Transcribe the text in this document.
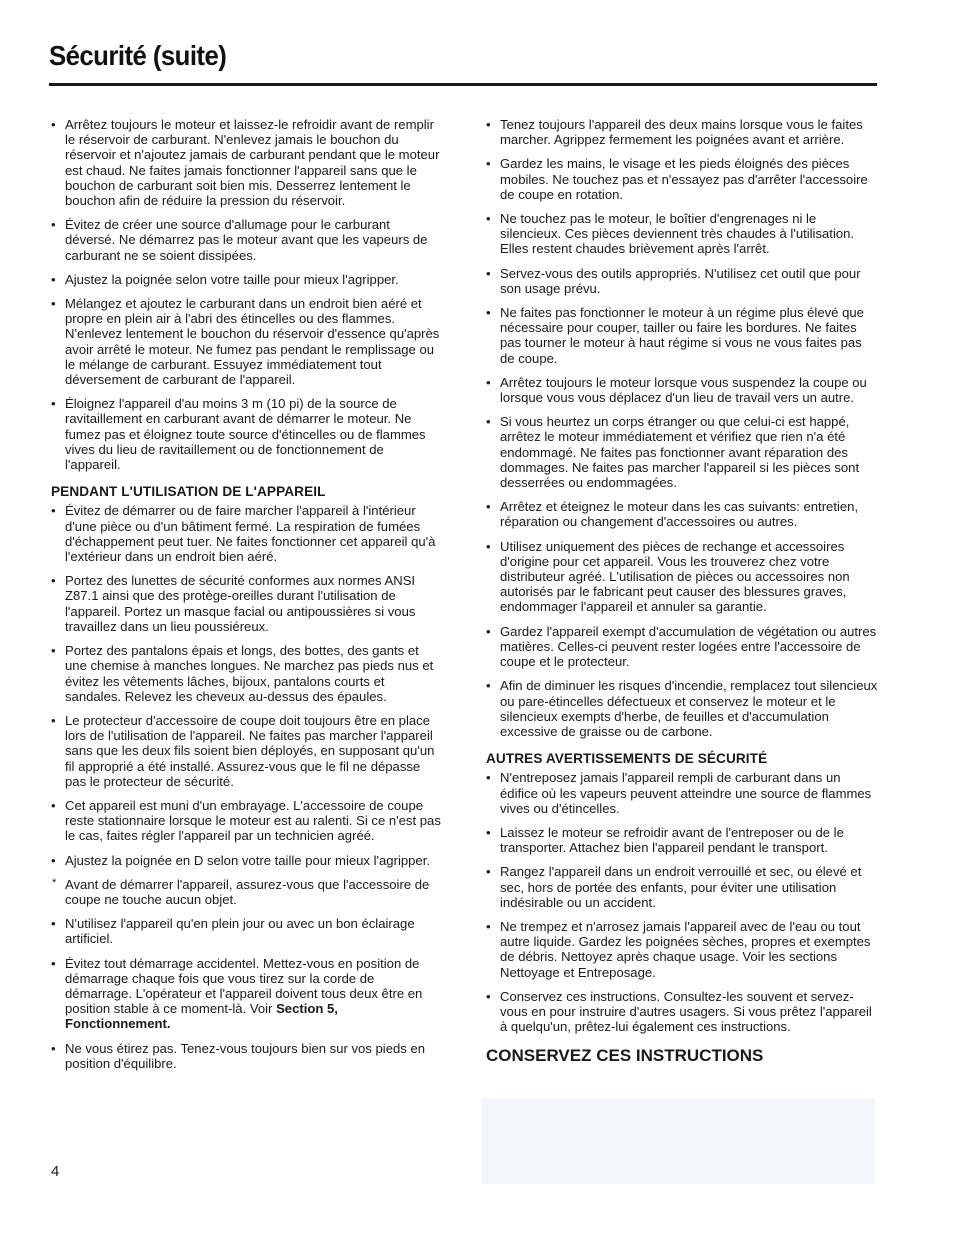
Sécurité (suite)
• Arrêtez toujours le moteur et laissez-le refroidir avant de remplir le réservoir de carburant. N'enlevez jamais le bouchon du réservoir et n'ajoutez jamais de carburant pendant que le moteur est chaud. Ne faites jamais fonctionner l'appareil sans que le bouchon de carburant soit bien mis. Desserrez lentement le bouchon afin de réduire la pression du réservoir.
• Évitez de créer une source d'allumage pour le carburant déversé. Ne démarrez pas le moteur avant que les vapeurs de carburant ne se soient dissipées.
• Ajustez la poignée selon votre taille pour mieux l'agripper.
• Mélangez et ajoutez le carburant dans un endroit bien aéré et propre en plein air à l'abri des étincelles ou des flammes. N'enlevez lentement le bouchon du réservoir d'essence qu'après avoir arrêté le moteur. Ne fumez pas pendant le remplissage ou le mélange de carburant. Essuyez immédiatement tout déversement de carburant de l'appareil.
• Éloignez l'appareil d'au moins 3 m (10 pi) de la source de ravitaillement en carburant avant de démarrer le moteur. Ne fumez pas et éloignez toute source d'étincelles ou de flammes vives du lieu de ravitaillement ou de fonctionnement de l'appareil.
PENDANT L'UTILISATION DE L'APPAREIL
• Évitez de démarrer ou de faire marcher l'appareil à l'intérieur d'une pièce ou d'un bâtiment fermé. La respiration de fumées d'échappement peut tuer. Ne faites fonctionner cet appareil qu'à l'extérieur dans un endroit bien aéré.
• Portez des lunettes de sécurité conformes aux normes ANSI Z87.1 ainsi que des protège-oreilles durant l'utilisation de l'appareil. Portez un masque facial ou antipoussières si vous travaillez dans un lieu poussiéreux.
• Portez des pantalons épais et longs, des bottes, des gants et une chemise à manches longues. Ne marchez pas pieds nus et évitez les vêtements lâches, bijoux, pantalons courts et sandales. Relevez les cheveux au-dessus des épaules.
• Le protecteur d'accessoire de coupe doit toujours être en place lors de l'utilisation de l'appareil. Ne faites pas marcher l'appareil sans que les deux fils soient bien déployés, en supposant qu'un fil approprié a été installé. Assurez-vous que le fil ne dépasse pas le protecteur de sécurité.
• Cet appareil est muni d'un embrayage. L'accessoire de coupe reste stationnaire lorsque le moteur est au ralenti. Si ce n'est pas le cas, faites régler l'appareil par un technicien agréé.
• Ajustez la poignée en D selon votre taille pour mieux l'agripper.
* Avant de démarrer l'appareil, assurez-vous que l'accessoire de coupe ne touche aucun objet.
• N'utilisez l'appareil qu'en plein jour ou avec un bon éclairage artificiel.
• Évitez tout démarrage accidentel. Mettez-vous en position de démarrage chaque fois que vous tirez sur la corde de démarrage. L'opérateur et l'appareil doivent tous deux être en position stable à ce moment-là. Voir Section 5, Fonctionnement.
• Ne vous étirez pas. Tenez-vous toujours bien sur vos pieds en position d'équilibre.
• Tenez toujours l'appareil des deux mains lorsque vous le faites marcher. Agrippez fermement les poignées avant et arrière.
• Gardez les mains, le visage et les pieds éloignés des pièces mobiles. Ne touchez pas et n'essayez pas d'arrêter l'accessoire de coupe en rotation.
• Ne touchez pas le moteur, le boîtier d'engrenages ni le silencieux. Ces pièces deviennent très chaudes à l'utilisation. Elles restent chaudes brièvement après l'arrêt.
• Servez-vous des outils appropriés. N'utilisez cet outil que pour son usage prévu.
• Ne faites pas fonctionner le moteur à un régime plus élevé que nécessaire pour couper, tailler ou faire les bordures. Ne faites pas tourner le moteur à haut régime si vous ne vous faites pas de coupe.
• Arrêtez toujours le moteur lorsque vous suspendez la coupe ou lorsque vous vous déplacez d'un lieu de travail vers un autre.
• Si vous heurtez un corps étranger ou que celui-ci est happé, arrêtez le moteur immédiatement et vérifiez que rien n'a été endommagé. Ne faites pas fonctionner avant réparation des dommages. Ne faites pas marcher l'appareil si les pièces sont desserrées ou endommagées.
• Arrêtez et éteignez le moteur dans les cas suivants: entretien, réparation ou changement d'accessoires ou autres.
• Utilisez uniquement des pièces de rechange et accessoires d'origine pour cet appareil. Vous les trouverez chez votre distributeur agréé. L'utilisation de pièces ou accessoires non autorisés par le fabricant peut causer des blessures graves, endommager l'appareil et annuler sa garantie.
• Gardez l'appareil exempt d'accumulation de végétation ou autres matières. Celles-ci peuvent rester logées entre l'accessoire de coupe et le protecteur.
• Afin de diminuer les risques d'incendie, remplacez tout silencieux ou pare-étincelles défectueux et conservez le moteur et le silencieux exempts d'herbe, de feuilles et d'accumulation excessive de graisse ou de carbone.
AUTRES AVERTISSEMENTS DE SÉCURITÉ
• N'entreposez jamais l'appareil rempli de carburant dans un édifice où les vapeurs peuvent atteindre une source de flammes vives ou d'étincelles.
• Laissez le moteur se refroidir avant de l'entreposer ou de le transporter. Attachez bien l'appareil pendant le transport.
• Rangez l'appareil dans un endroit verrouillé et sec, ou élevé et sec, hors de portée des enfants, pour éviter une utilisation indésirable ou un accident.
• Ne trempez et n'arrosez jamais l'appareil avec de l'eau ou tout autre liquide. Gardez les poignées sèches, propres et exemptes de débris. Nettoyez après chaque usage. Voir les sections Nettoyage et Entreposage.
• Conservez ces instructions. Consultez-les souvent et servez-vous en pour instruire d'autres usagers. Si vous prêtez l'appareil à quelqu'un, prêtez-lui également ces instructions.
CONSERVEZ CES INSTRUCTIONS
4
